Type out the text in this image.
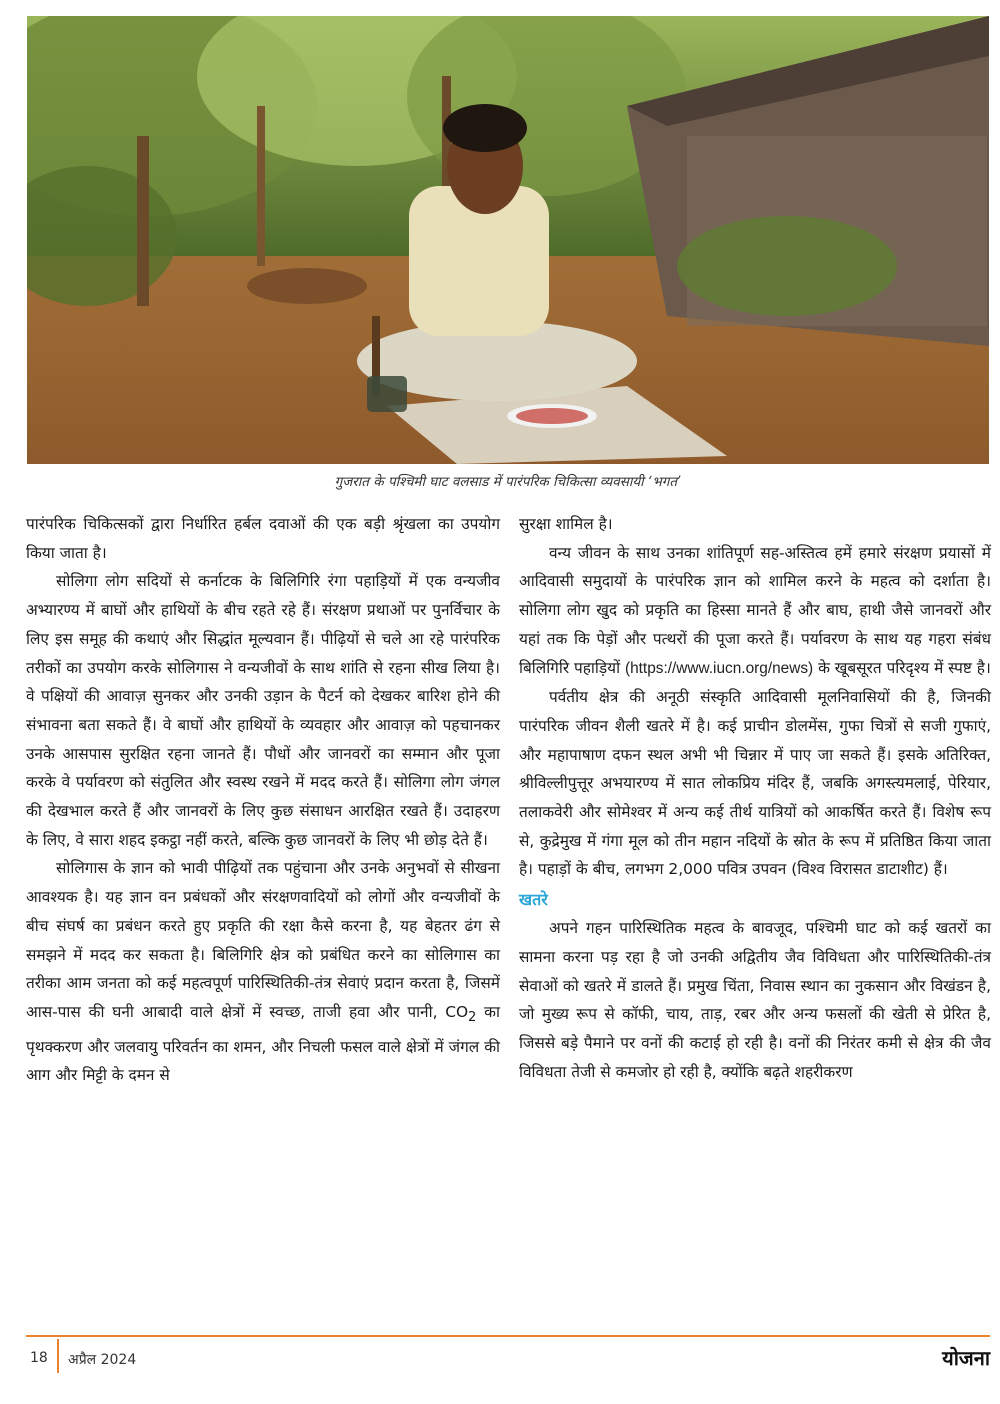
गुजरात के पश्चिमी घाट वलसाड में पारंपरिक चिकित्सा व्यवसायी ‘भगत’

पारंपरिक चिकित्सकों द्वारा निर्धारित हर्बल दवाओं की एक बड़ी श्रृंखला का उपयोग किया जाता है।

सोलिगा लोग सदियों से कर्नाटक के बिलिगिरि रंगा पहाड़ियों में एक वन्यजीव अभ्यारण्य में बाघों और हाथियों के बीच रहते रहे हैं। संरक्षण प्रथाओं पर पुनर्विचार के लिए इस समूह की कथाएं और सिद्धांत मूल्यवान हैं। पीढ़ियों से चले आ रहे पारंपरिक तरीकों का उपयोग करके सोलिगास ने वन्यजीवों के साथ शांति से रहना सीख लिया है। वे पक्षियों की आवाज़ सुनकर और उनकी उड़ान के पैटर्न को देखकर बारिश होने की संभावना बता सकते हैं। वे बाघों और हाथियों के व्यवहार और आवाज़ को पहचानकर उनके आसपास सुरक्षित रहना जानते हैं। पौधों और जानवरों का सम्मान और पूजा करके वे पर्यावरण को संतुलित और स्वस्थ रखने में मदद करते हैं। सोलिगा लोग जंगल की देखभाल करते हैं और जानवरों के लिए कुछ संसाधन आरक्षित रखते हैं। उदाहरण के लिए, वे सारा शहद इकट्ठा नहीं करते, बल्कि कुछ जानवरों के लिए भी छोड़ देते हैं।

सोलिगास के ज्ञान को भावी पीढ़ियों तक पहुंचाना और उनके अनुभवों से सीखना आवश्यक है। यह ज्ञान वन प्रबंधकों और संरक्षणवादियों को लोगों और वन्यजीवों के बीच संघर्ष का प्रबंधन करते हुए प्रकृति की रक्षा कैसे करना है, यह बेहतर ढंग से समझने में मदद कर सकता है। बिलिगिरि क्षेत्र को प्रबंधित करने का सोलिगास का तरीका आम जनता को कई महत्वपूर्ण पारिस्थितिकी-तंत्र सेवाएं प्रदान करता है, जिसमें आस-पास की घनी आबादी वाले क्षेत्रों में स्वच्छ, ताजी हवा और पानी, $CO_2$ का पृथक्करण और जलवायु परिवर्तन का शमन, और निचली फसल वाले क्षेत्रों में जंगल की आग और मिट्टी के दमन से

सुरक्षा शामिल है।

वन्य जीवन के साथ उनका शांतिपूर्ण सह-अस्तित्व हमें हमारे संरक्षण प्रयासों में आदिवासी समुदायों के पारंपरिक ज्ञान को शामिल करने के महत्व को दर्शाता है। सोलिगा लोग खुद को प्रकृति का हिस्सा मानते हैं और बाघ, हाथी जैसे जानवरों और यहां तक कि पेड़ों और पत्थरों की पूजा करते हैं। पर्यावरण के साथ यह गहरा संबंध बिलिगिरि पहाड़ियों (https://www.iucn.org/news) के खूबसूरत परिदृश्य में स्पष्ट है।

पर्वतीय क्षेत्र की अनूठी संस्कृति आदिवासी मूलनिवासियों की है, जिनकी पारंपरिक जीवन शैली खतरे में है। कई प्राचीन डोलमेंस, गुफा चित्रों से सजी गुफाएं, और महापाषाण दफन स्थल अभी भी चिन्नार में पाए जा सकते हैं। इसके अतिरिक्त, श्रीविल्लीपुत्तूर अभयारण्य में सात लोकप्रिय मंदिर हैं, जबकि अगस्त्यमलाई, पेरियार, तलाकवेरी और सोमेश्वर में अन्य कई तीर्थ यात्रियों को आकर्षित करते हैं। विशेष रूप से, कुद्रेमुख में गंगा मूल को तीन महान नदियों के स्रोत के रूप में प्रतिष्ठित किया जाता है। पहाड़ों के बीच, लगभग 2,000 पवित्र उपवन (विश्व विरासत डाटाशीट) हैं।

खतरे

अपने गहन पारिस्थितिक महत्व के बावजूद, पश्चिमी घाट को कई खतरों का सामना करना पड़ रहा है जो उनकी अद्वितीय जैव विविधता और पारिस्थितिकी-तंत्र सेवाओं को खतरे में डालते हैं। प्रमुख चिंता, निवास स्थान का नुकसान और विखंडन है, जो मुख्य रूप से कॉफी, चाय, ताड़, रबर और अन्य फसलों की खेती से प्रेरित है, जिससे बड़े पैमाने पर वनों की कटाई हो रही है। वनों की निरंतर कमी से क्षेत्र की जैव विविधता तेजी से कमजोर हो रही है, क्योंकि बढ़ते शहरीकरण

18 अप्रैल 2024	योजना
